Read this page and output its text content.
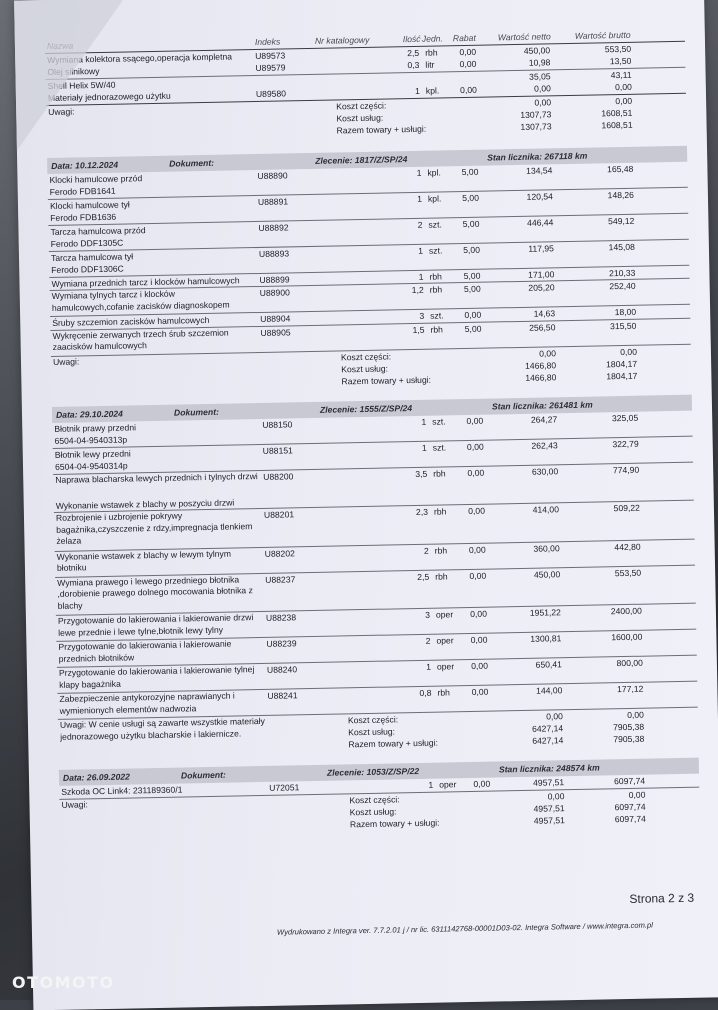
Nazwa	Indeks	Nr katalogowy	Ilość Jedn. Rabat	Wartość netto	Wartość brutto
Wymiana kolektora ssącego,operacja kompletna	U89573	2,5 rbh	0,00	450,00	553,50
Olej silnikowy	U89579	0,3 litr	0,00	10,98	13,50
Shell Helix 5W/40
35,05	43,11
Materiały jednorazowego użytku	U89580	1 kpl.	0,00	0,00	0,00
Uwagi:
Koszt części:	0,00	0,00
Koszt usług:	1307,73	1608,51
Razem towary + usługi:	1307,73	1608,51
Data: 10.12.2024	Dokument:	Zlecenie: 1817/Z/SP/24	Stan licznika: 267118 km
Klocki hamulcowe przód	U88890	1 kpl.	5,00	134,54	165,48
Ferodo FDB1641
Klocki hamulcowe tył	U88891	1 kpl.	5,00	120,54	148,26
Ferodo FDB1636
Tarcza hamulcowa przód	U88892	2 szt.	5,00	446,44	549,12
Ferodo DDF1305C
Tarcza hamulcowa tył	U88893	1 szt.	5,00	117,95	145,08
Ferodo DDF1306C
Wymiana przednich tarcz i klocków hamulcowych U88899	1 rbh	5,00	171,00	210,33
Wymiana tylnych tarcz i klocków hamulcowych,cofanie zacisków diagnoskopem
U88900	1,2 rbh	5,00	205,20	252,40
Śruby szczemion zacisków hamulcowych	U88904	3 szt.	0,00	14,63	18,00
Wykręcenie zerwanych trzech śrub szczemion zaacisków hamulcowych
U88905	1,5 rbh	5,00	256,50	315,50
Uwagi:	Koszt części:	0,00	0,00
Koszt usług:	1466,80	1804,17
Razem towary + usługi:	1466,80	1804,17
Data: 29.10.2024	Dokument:	Zlecenie: 1555/Z/SP/24	Stan licznika: 261481 km
Błotnik prawy przedni	U88150	1 szt.	0,00	264,27	325,05
6504-04-9540313p
Błotnik lewy przedni	U88151	1 szt.	0,00	262,43	322,79
6504-04-9540314p
Naprawa blacharska lewych przednich i tylnych drzwi U88200	3,5 rbh	0,00	630,00	774,90
Wykonanie wstawek z blachy w poszyciu drzwi
Rozbrojenie i uzbrojenie pokrywy bagażnika,czyszczenie z rdzy,impregnacja tlenkiem żelaza
U88201	2,3 rbh	0,00	414,00	509,22
Wykonanie wstawek z blachy w lewym tylnym błotniku
U88202	2 rbh	0,00	360,00	442,80
Wymiana prawego i lewego przedniego błotnika ,dorobienie prawego dolnego mocowania błotnika z blachy
U88237	2,5 rbh	0,00	450,00	553,50
Przygotowanie do lakierowania i lakierowanie drzwi lewe przednie i lewe tylne,błotnik lewy tylny
U88238	3 oper	0,00	1951,22	2400,00
Przygotowanie do lakierowania i lakierowanie przednich błotników
U88239	2 oper	0,00	1300,81	1600,00
Przygotowanie do lakierowania i lakierowanie tylnej klapy bagażnika
U88240	1 oper	0,00	650,41	800,00
Zabezpieczenie antykorozyjne naprawianych i wymienionych elementów nadwozia
U88241	0,8 rbh	0,00	144,00	177,12
Uwagi: W cenie usługi są zawarte wszystkie materiały jednorazowego użytku blacharskie i lakiernicze.
Koszt części:	0,00	0,00
Koszt usług:	6427,14	7905,38
Razem towary + usługi:	6427,14	7905,38
Data: 26.09.2022	Dokument:	Zlecenie: 1053/Z/SP/22	Stan licznika: 248574 km
Szkoda OC Link4: 231189360/1	U72051	1 oper	0,00	4957,51	6097,74
Uwagi:	Koszt części:	0,00	0,00
Koszt usług:	4957,51	6097,74
Razem towary + usługi:	4957,51	6097,74
Strona 2 z 3
Wydrukowano z Integra ver. 7.7.2.01 j / nr lic. 6311142768-00001D03-02. Integra Software / www.integra.com.pl
OTOMOTO
